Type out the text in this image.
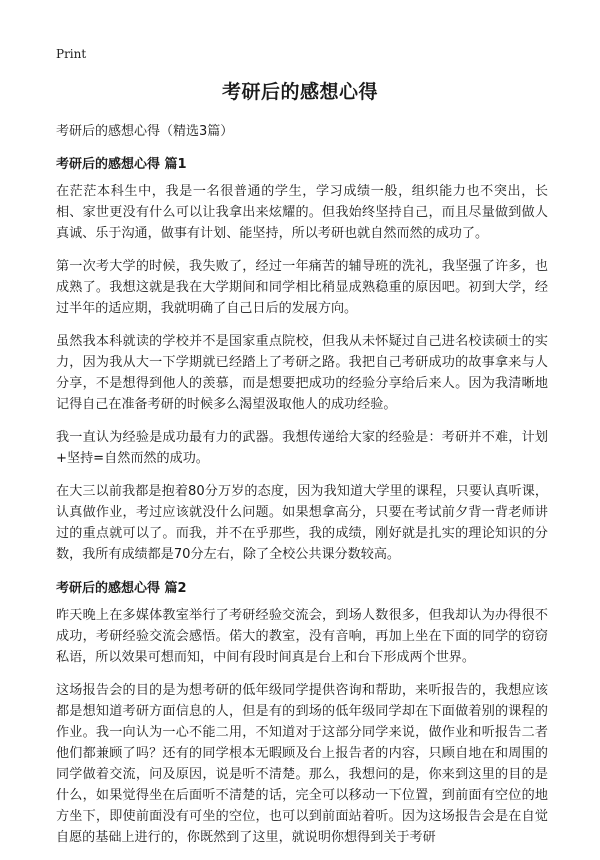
Print
考研后的感想心得
考研后的感想心得（精选3篇）
考研后的感想心得 篇1

在茫茫本科生中，我是一名很普通的学生，学习成绩一般，组织能力也不突出，长相、家世更没有什么可以让我拿出来炫耀的。但我始终坚持自己，而且尽量做到做人真诚、乐于沟通，做事有计划、能坚持，所以考研也就自然而然的成功了。

第一次考大学的时候，我失败了，经过一年痛苦的辅导班的洗礼，我坚强了许多，也成熟了。我想这就是我在大学期间和同学相比稍显成熟稳重的原因吧。初到大学，经过半年的适应期，我就明确了自己日后的发展方向。

虽然我本科就读的学校并不是国家重点院校，但我从未怀疑过自己进名校读硕士的实力，因为我从大一下学期就已经踏上了考研之路。我把自己考研成功的故事拿来与人分享，不是想得到他人的羡慕，而是想要把成功的经验分享给后来人。因为我清晰地记得自己在准备考研的时候多么渴望汲取他人的成功经验。

我一直认为经验是成功最有力的武器。我想传递给大家的经验是：考研并不难，计划+坚持=自然而然的成功。

在大三以前我都是抱着80分万岁的态度，因为我知道大学里的课程，只要认真听课，认真做作业，考过应该就没什么问题。如果想拿高分，只要在考试前夕背一背老师讲过的重点就可以了。而我，并不在乎那些，我的成绩，刚好就是扎实的理论知识的分数，我所有成绩都是70分左右，除了全校公共课分数较高。

考研后的感想心得 篇2

昨天晚上在多媒体教室举行了考研经验交流会，到场人数很多，但我却认为办得很不成功，考研经验交流会感悟。偌大的教室，没有音响，再加上坐在下面的同学的窃窃私语，所以效果可想而知，中间有段时间真是台上和台下形成两个世界。

这场报告会的目的是为想考研的低年级同学提供咨询和帮助，来听报告的，我想应该都是想知道考研方面信息的人，但是有的到场的低年级同学却在下面做着别的课程的作业。我一向认为一心不能二用，不知道对于这部分同学来说，做作业和听报告二者他们都兼顾了吗？还有的同学根本无暇顾及台上报告者的内容，只顾自地在和周围的同学做着交流，问及原因，说是听不清楚。那么，我想问的是，你来到这里的目的是什么，如果觉得坐在后面听不清楚的话，完全可以移动一下位置，到前面有空位的地方坐下，即使前面没有可坐的空位，也可以到前面站着听。因为这场报告会是在自觉自愿的基础上进行的，你既然到了这里，就说明你想得到关于考研
